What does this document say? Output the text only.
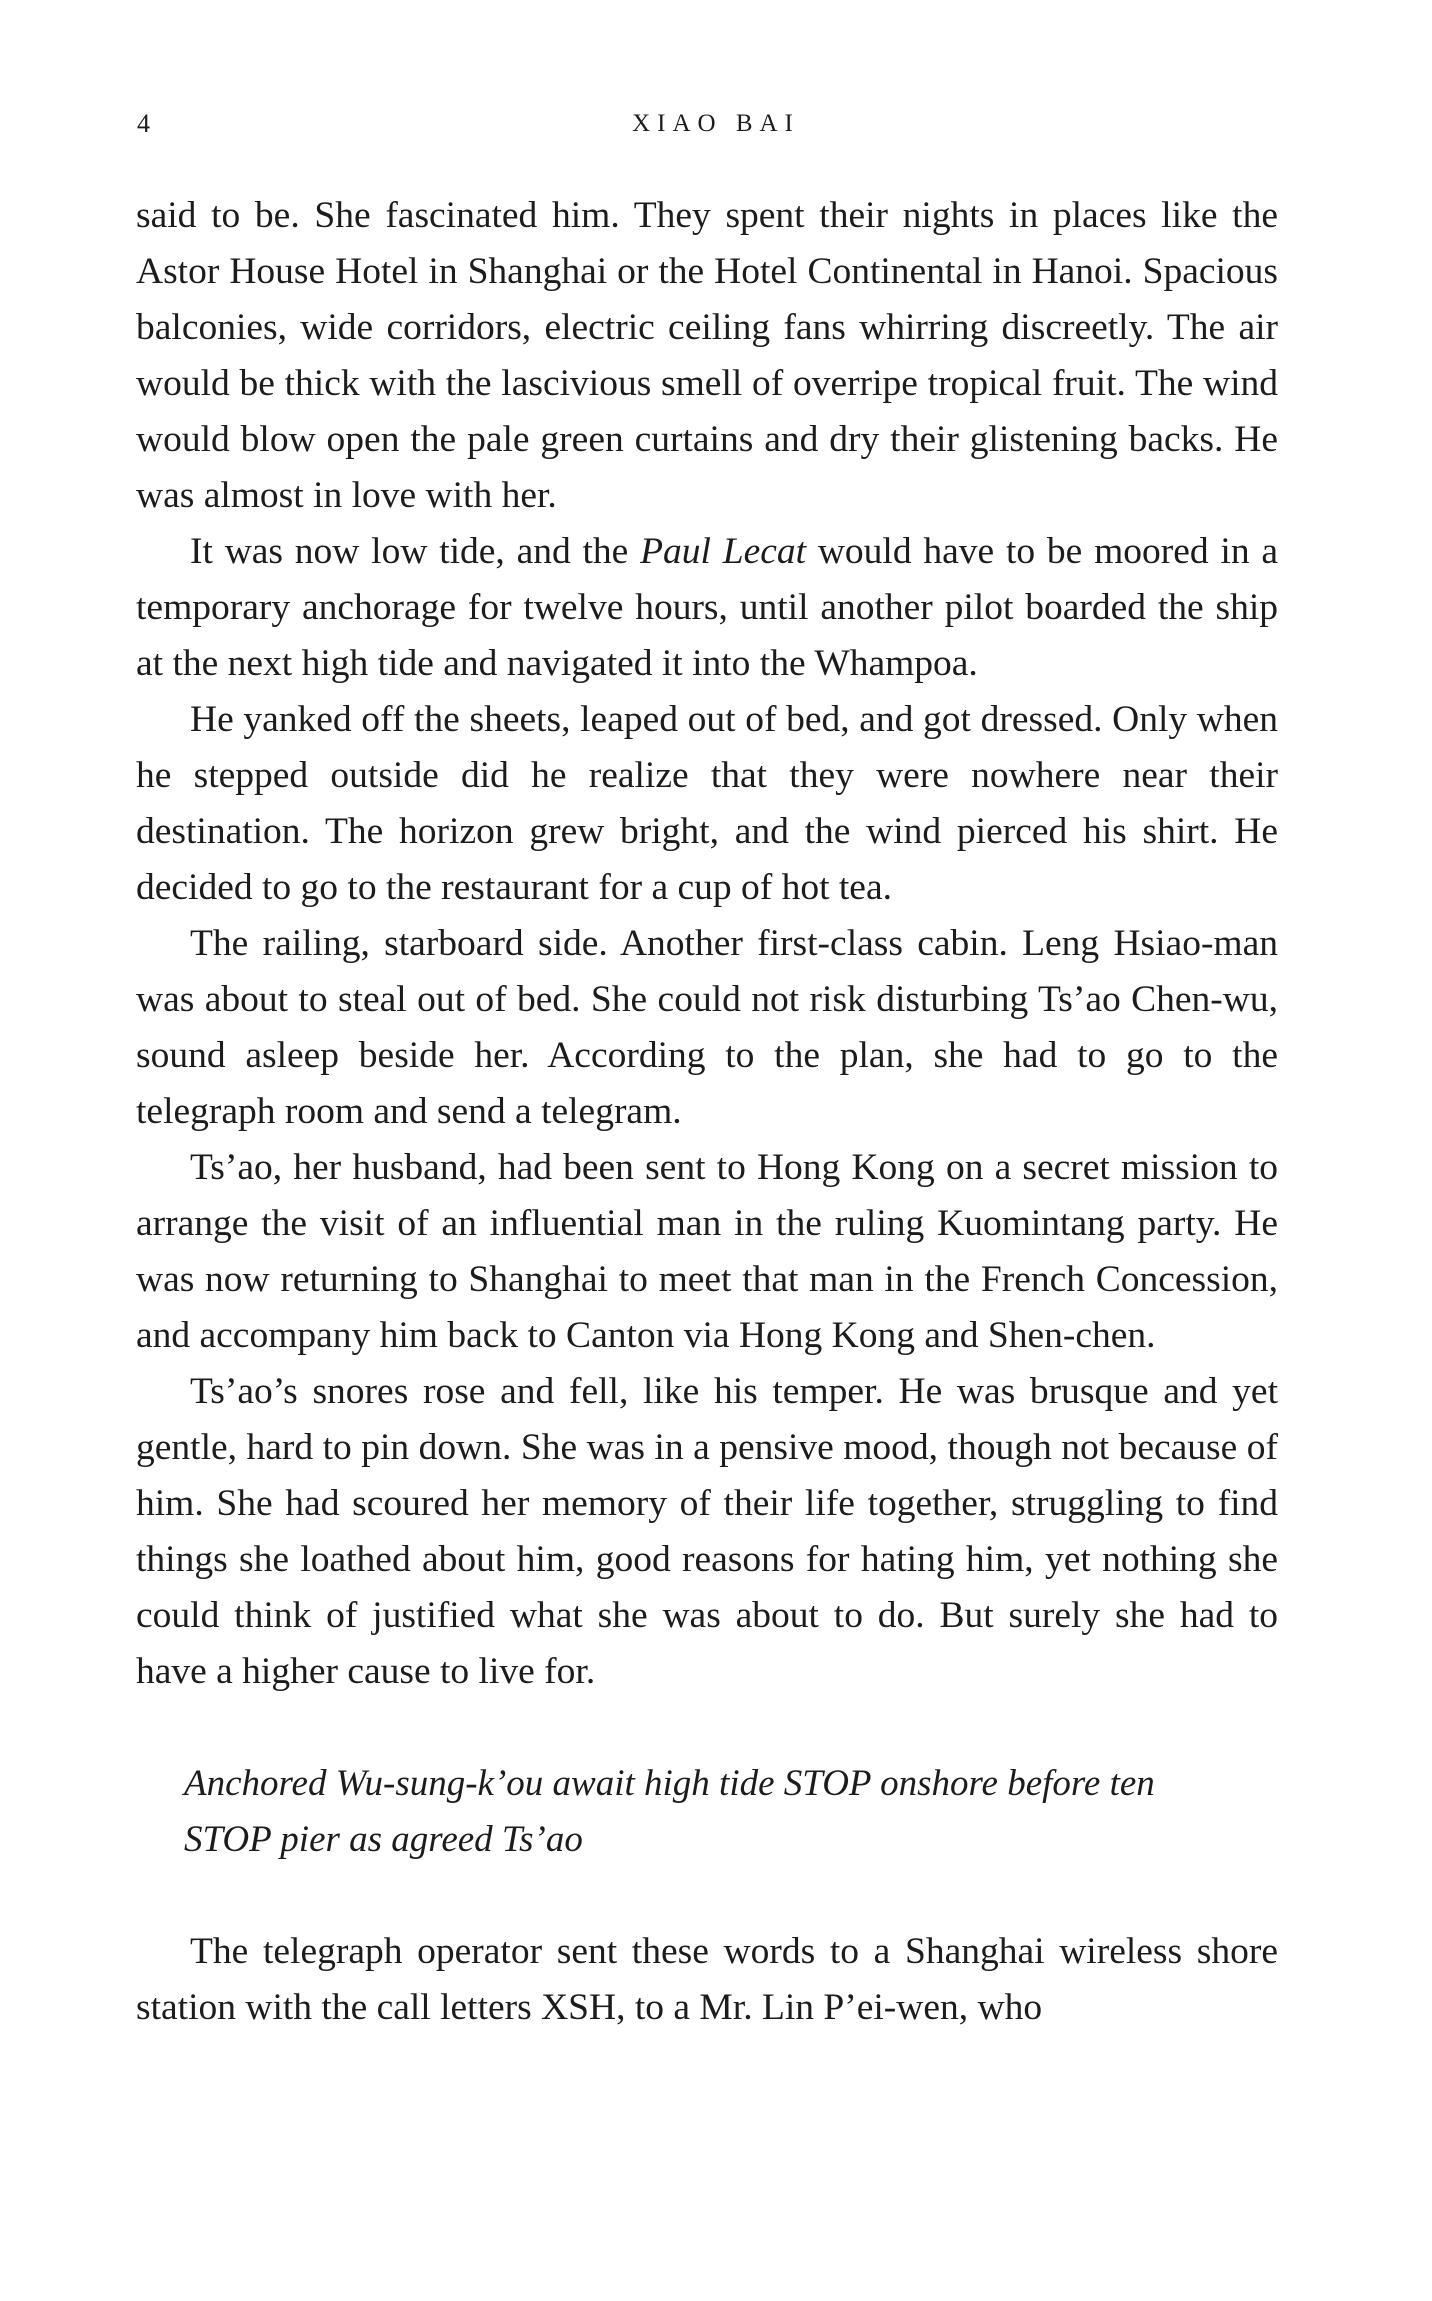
4	XIAO BAI

said to be. She fascinated him. They spent their nights in places like the Astor House Hotel in Shanghai or the Hotel Continental in Hanoi. Spacious balconies, wide corridors, electric ceiling fans whirring discreetly. The air would be thick with the lascivious smell of overripe tropical fruit. The wind would blow open the pale green curtains and dry their glistening backs. He was almost in love with her.

It was now low tide, and the Paul Lecat would have to be moored in a temporary anchorage for twelve hours, until another pilot boarded the ship at the next high tide and navigated it into the Whampoa.

He yanked off the sheets, leaped out of bed, and got dressed. Only when he stepped outside did he realize that they were nowhere near their destination. The horizon grew bright, and the wind pierced his shirt. He decided to go to the restaurant for a cup of hot tea.

The railing, starboard side. Another first-class cabin. Leng Hsiao-man was about to steal out of bed. She could not risk disturbing Ts’ao Chen-wu, sound asleep beside her. According to the plan, she had to go to the telegraph room and send a telegram.

Ts’ao, her husband, had been sent to Hong Kong on a secret mission to arrange the visit of an influential man in the ruling Kuomintang party. He was now returning to Shanghai to meet that man in the French Concession, and accompany him back to Canton via Hong Kong and Shen-chen.

Ts’ao’s snores rose and fell, like his temper. He was brusque and yet gentle, hard to pin down. She was in a pensive mood, though not because of him. She had scoured her memory of their life together, struggling to find things she loathed about him, good reasons for hating him, yet nothing she could think of justified what she was about to do. But surely she had to have a higher cause to live for.

Anchored Wu-sung-k’ou await high tide STOP onshore before ten
STOP pier as agreed Ts’ao

The telegraph operator sent these words to a Shanghai wireless shore station with the call letters XSH, to a Mr. Lin P’ei-wen, who
